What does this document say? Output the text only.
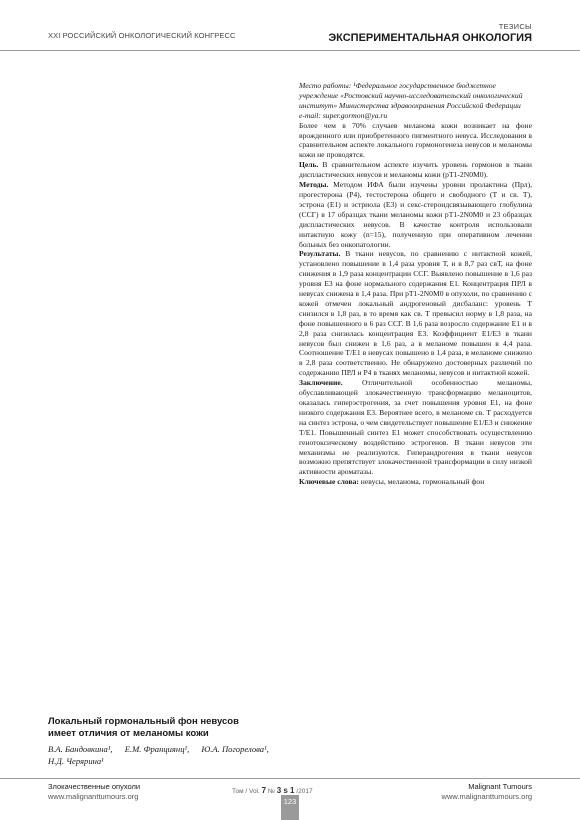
XXI РОССИЙСКИЙ ОНКОЛОГИЧЕСКИЙ КОНГРЕСС
ТЕЗИСЫ
ЭКСПЕРИМЕНТАЛЬНАЯ ОНКОЛОГИЯ

Место работы: ¹Федеральное государственное бюджетное учреждение «Ростовский научно-исследовательский онкологический институт» Министерства здравоохранения Российской Федерации

e-mail: super.gormon@ya.ru

Более чем в 70% случаев меланома кожи возникает на фоне врожденного или приобретенного пигментного невуса. Исследования в сравнительном аспекте локального гормоногенеза невусов и меланомы кожи не проводятся.

Цель. В сравнительном аспекте изучить уровень гормонов в ткани диспластических невусов и меланомы кожи (pT1-2N0M0).

Методы. Методом ИФА были изучены уровни пролактина (Прл), прогестерона (Р4), тестостерона общего и свободного (Т и св. Т), эстрона (Е1) и эстриола (Е3) и секс-стероидсвязывающего глобулина (ССГ) в 17 образцах ткани меланомы кожи pT1-2N0M0 и 23 образцах диспластических невусов. В качестве контроля использовали интактную кожу (n=15), полученную при оперативном лечении больных без онкопатологии.

Результаты. В ткани невусов, по сравнению с интактной кожей, установлено повышение в 1,4 раза уровня Т, и в 8,7 раз свТ, на фоне снижения в 1,9 раза концентрации ССГ. Выявлено повышение в 1,6 раз уровня Е3 на фоне нормального содержания Е1. Концентрация ПРЛ в невусах снижена в 1,4 раза. При pT1-2N0M0 в опухоли, по сравнению с кожей отмечен локальный андрогеновый дисбаланс: уровень Т снизился в 1,8 раз, в то время как св. Т превысил норму в 1,8 раза, на фоне повышенного в 6 раз ССГ. В 1,6 раза возросло содержание Е1 и в 2,8 раза снизилась концентрация Е3. Коэффициент Е1/Е3 в ткани невусов был снижен в 1,6 раз, а в меланоме повышен в 4,4 раза. Соотношение Т/Е1 в невусах повышено в 1,4 раза, в меланоме снижено в 2,8 раза соответственно. Не обнаружено достоверных различий по содержанию ПРЛ и Р4 в тканях меланомы, невусов и интактной кожей.

Заключение. Отличительной особенностью меланомы, обуславливающей злокачественную трансформацию меланоцитов, оказалась гиперэстрогения, за счет повышения уровня Е1, на фоне низкого содержания Е3. Вероятнее всего, в меланоме св. Т расходуется на синтез эстрона, о чем свидетельствует повышение Е1/Е3 и снижение Т/Е1. Повышенный синтез Е1 может способствовать осуществлению генотоксическому воздействию эстрогенов. В ткани невусов эти механизмы не реализуются. Гиперандрогения в ткани невусов возможно препятствует злокачественной трансформации в силу низкой активности ароматазы.

Ключевые слова: невусы, меланома, гормональный фон

Локальный гормональный фон невусов
имеет отличия от меланомы кожи
В.А. Бандовкина¹, Е.М. Франциянц¹, Ю.А. Погорелова¹,
Н.Д. Черярина¹
Злокачественные опухоли
www.malignanttumours.org
Том / Vol. 7 № 3 s 1 /2017
123
Malignant Tumours
www.malignanttumours.org
